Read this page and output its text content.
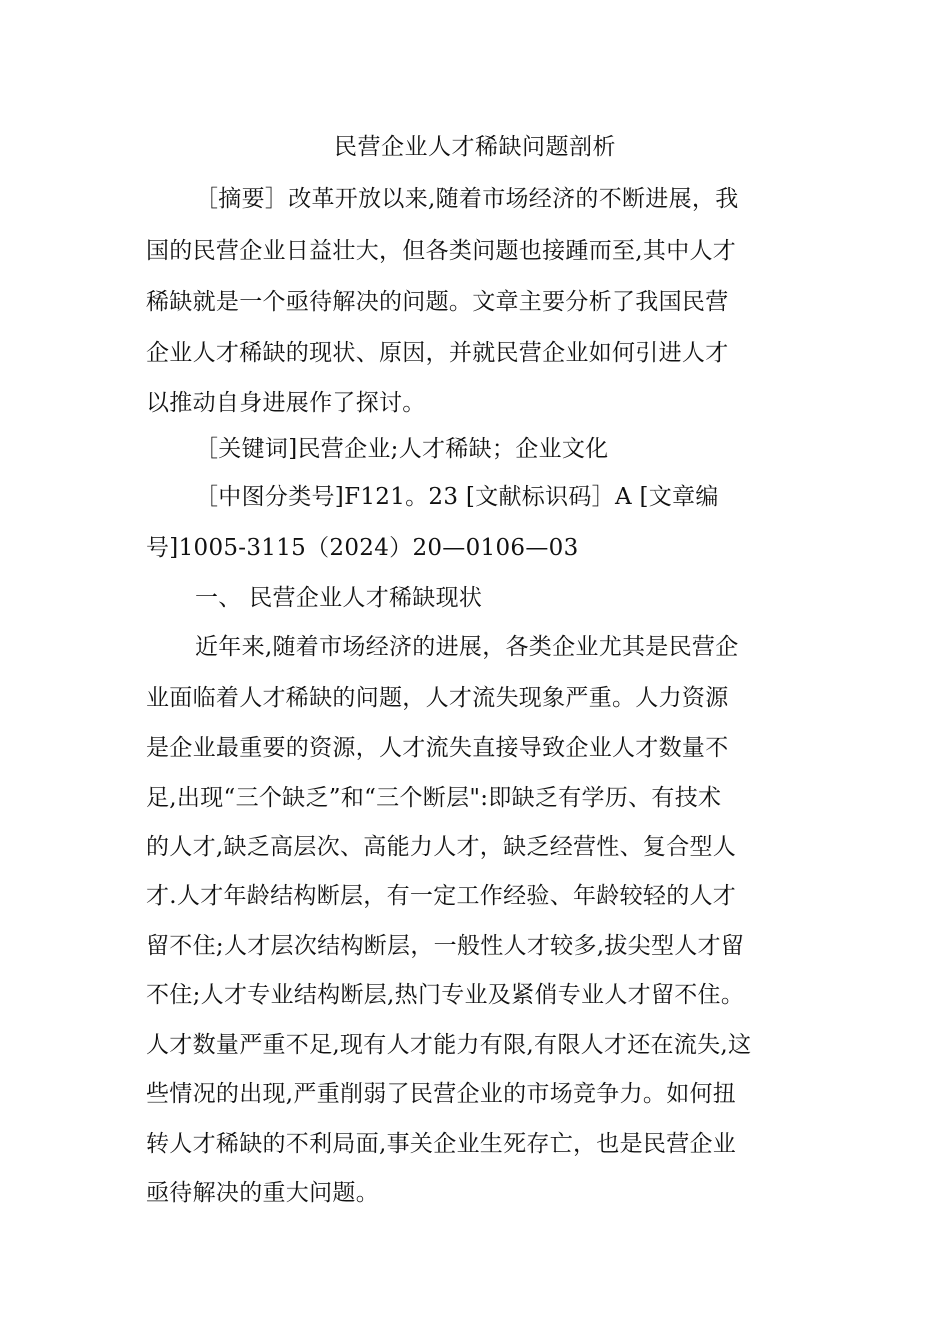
民营企业人才稀缺问题剖析
［摘要］改革开放以来,随着市场经济的不断进展，我
国的民营企业日益壮大，但各类问题也接踵而至,其中人才
稀缺就是一个亟待解决的问题。文章主要分析了我国民营
企业人才稀缺的现状、原因，并就民营企业如何引进人才
以推动自身进展作了探讨。
［关键词]民营企业;人才稀缺；企业文化
［中图分类号]F121。23 [文献标识码］A [文章编
号]1005-3115（2024）20—0106—03
一、 民营企业人才稀缺现状
近年来,随着市场经济的进展，各类企业尤其是民营企
业面临着人才稀缺的问题，人才流失现象严重。人力资源
是企业最重要的资源，人才流失直接导致企业人才数量不
足,出现“三个缺乏”和“三个断层":即缺乏有学历、有技术
的人才,缺乏高层次、高能力人才，缺乏经营性、复合型人
才.人才年龄结构断层，有一定工作经验、年龄较轻的人才
留不住;人才层次结构断层，一般性人才较多,拔尖型人才留
不住;人才专业结构断层,热门专业及紧俏专业人才留不住。
人才数量严重不足,现有人才能力有限,有限人才还在流失,这
些情况的出现,严重削弱了民营企业的市场竞争力。如何扭
转人才稀缺的不利局面,事关企业生死存亡，也是民营企业
亟待解决的重大问题。
